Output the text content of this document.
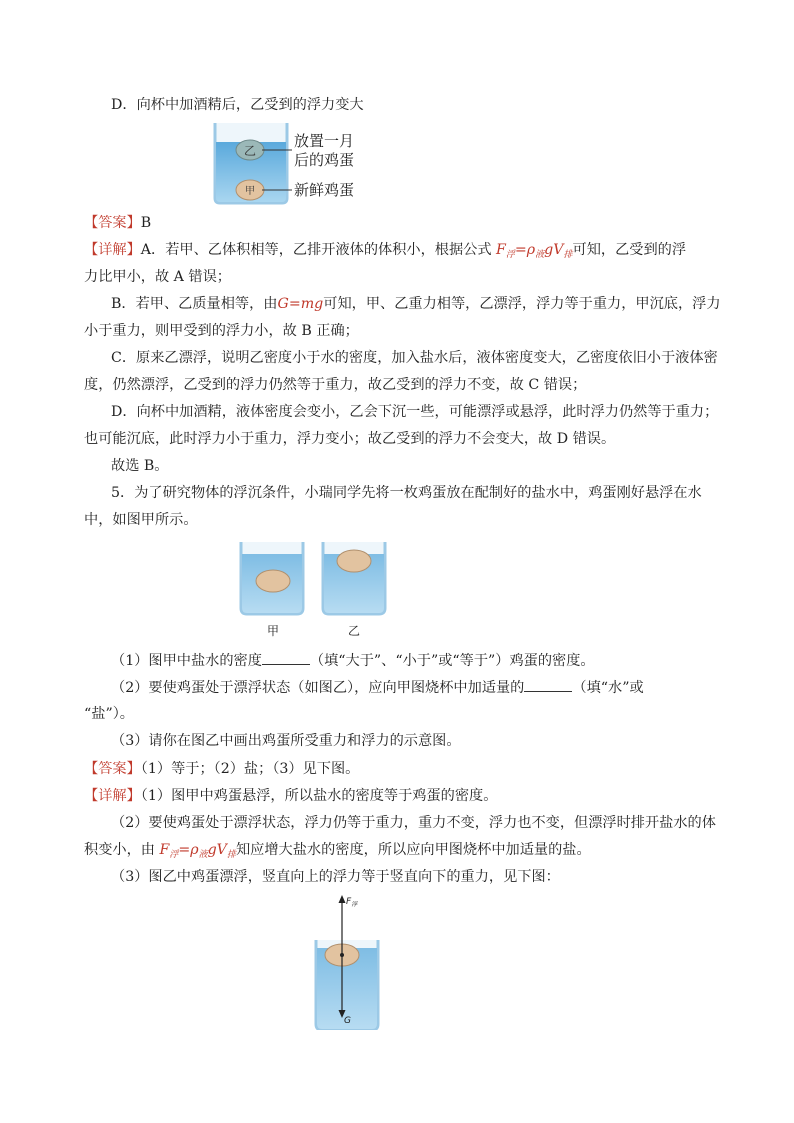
D．向杯中加酒精后，乙受到的浮力变大
乙
甲
放置一月
后的鸡蛋
新鲜鸡蛋
【答案】B
【详解】A．若甲、乙体积相等，乙排开液体的体积小，根据公式 $F_浮=\rho_液gV_排$可知，乙受到的浮
力比甲小，故 A 错误；
B．若甲、乙质量相等，由G=mg可知，甲、乙重力相等，乙漂浮，浮力等于重力，甲沉底，浮力
小于重力，则甲受到的浮力小，故 B 正确；
C．原来乙漂浮，说明乙密度小于水的密度，加入盐水后，液体密度变大，乙密度依旧小于液体密
度，仍然漂浮，乙受到的浮力仍然等于重力，故乙受到的浮力不变，故 C 错误；
D．向杯中加酒精，液体密度会变小，乙会下沉一些，可能漂浮或悬浮，此时浮力仍然等于重力；
也可能沉底，此时浮力小于重力，浮力变小；故乙受到的浮力不会变大，故 D 错误。
故选 B。
5．为了研究物体的浮沉条件，小瑞同学先将一枚鸡蛋放在配制好的盐水中，鸡蛋刚好悬浮在水
中，如图甲所示。
甲	乙
（1）图甲中盐水的密度	（填“大于”、“小于”或“等于”）鸡蛋的密度。
（2）要使鸡蛋处于漂浮状态（如图乙），应向甲图烧杯中加适量的	（填“水”或
“盐”）。
（3）请你在图乙中画出鸡蛋所受重力和浮力的示意图。
【答案】（1）等于；（2）盐；（3）见下图。
【详解】（1）图甲中鸡蛋悬浮，所以盐水的密度等于鸡蛋的密度。
（2）要使鸡蛋处于漂浮状态，浮力仍等于重力，重力不变，浮力也不变，但漂浮时排开盐水的体
积变小，由 $F_浮=\rho_液gV_排$知应增大盐水的密度，所以应向甲图烧杯中加适量的盐。
（3）图乙中鸡蛋漂浮，竖直向上的浮力等于竖直向下的重力，见下图：
$F_浮$
G
